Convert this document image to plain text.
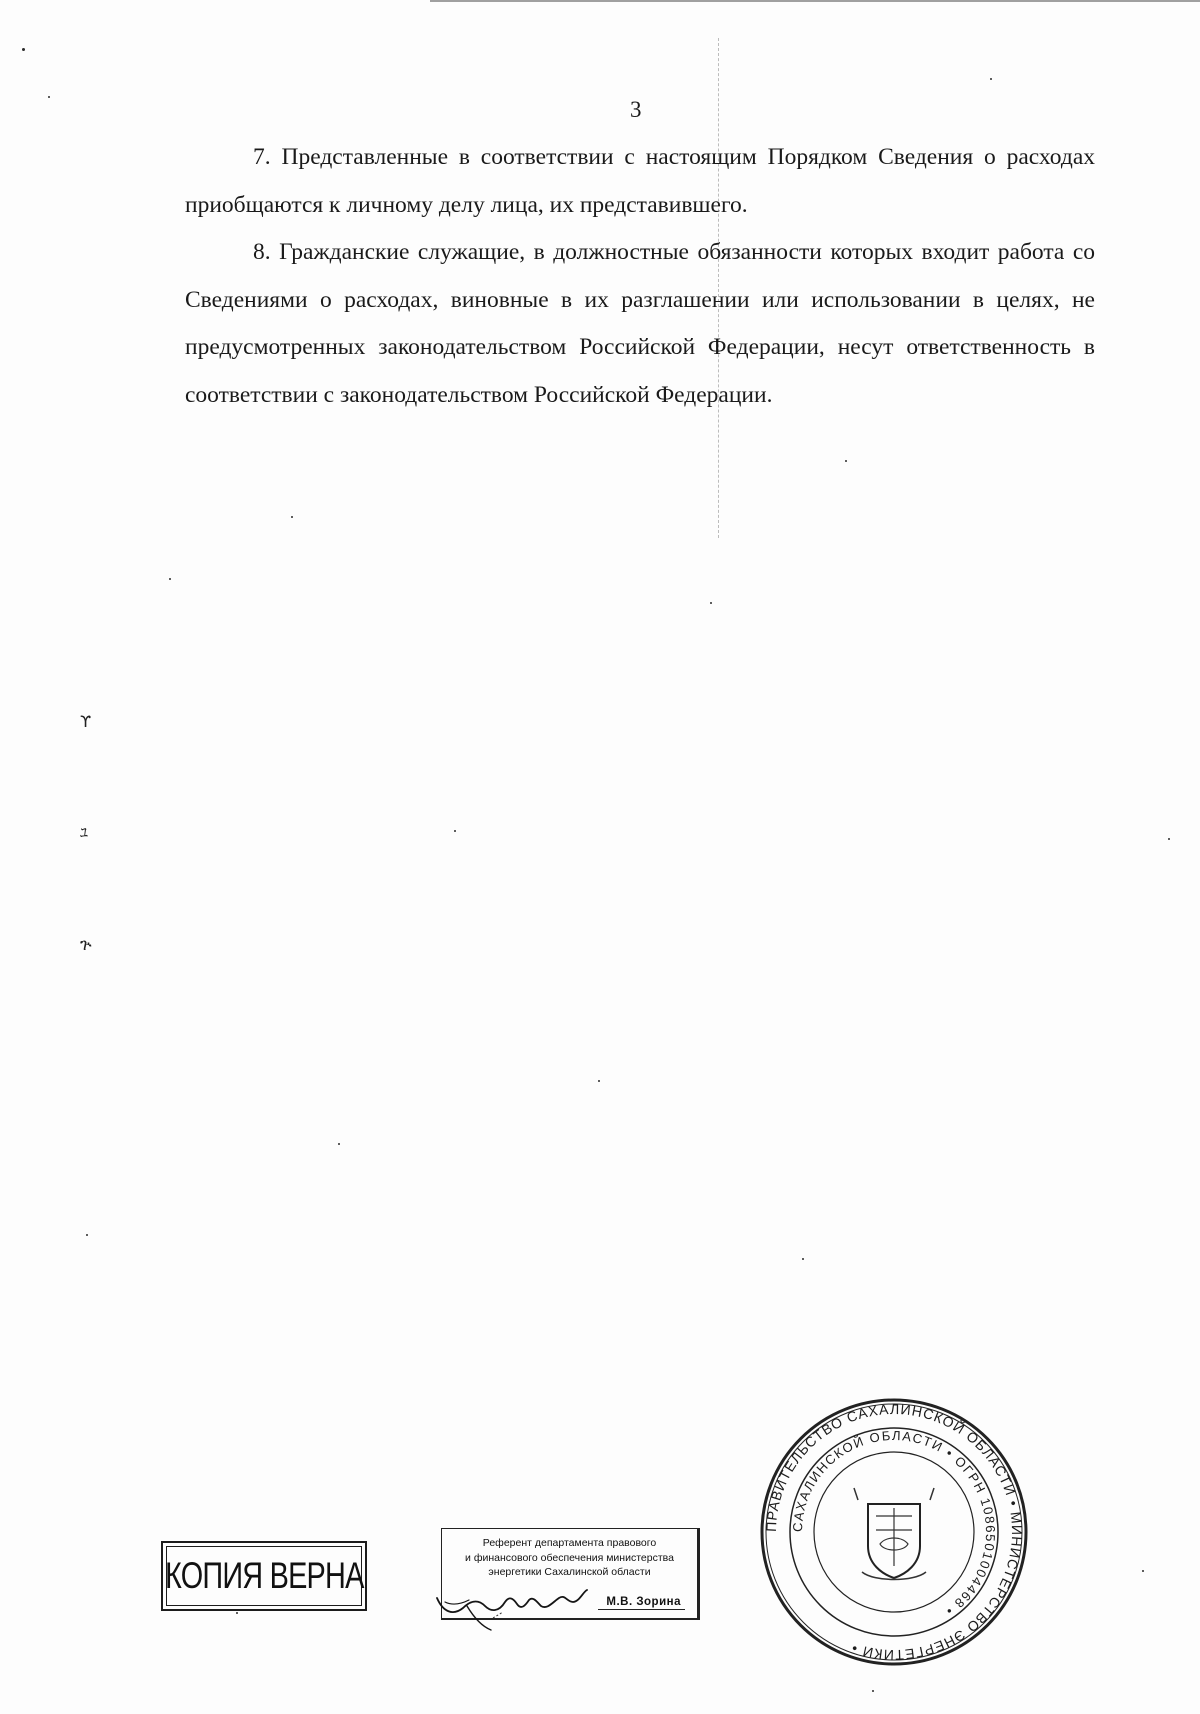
3

7. Представленные в соответствии с настоящим Порядком Сведения о расходах приобщаются к личному делу лица, их представившего.

8. Гражданские служащие, в должностные обязанности которых входит работа со Сведениями о расходах, виновные в их разглашении или использовании в целях, не предусмотренных законодательством Российской Федерации, несут ответственность в соответствии с законодательством Российской Федерации.

ϒ
ﾕ
ጕ
КОПИЯ ВЕРНА
Референт департамента правового
и финансового обеспечения министерства
энергетики Сахалинской области
М.В. Зорина
ПРАВИТЕЛЬСТВО САХАЛИНСКОЙ ОБЛАСТИ • МИНИСТЕРСТВО ЭНЕРГЕТИКИ •
САХАЛИНСКОЙ ОБЛАСТИ • ОГРН 1086501004468 •
